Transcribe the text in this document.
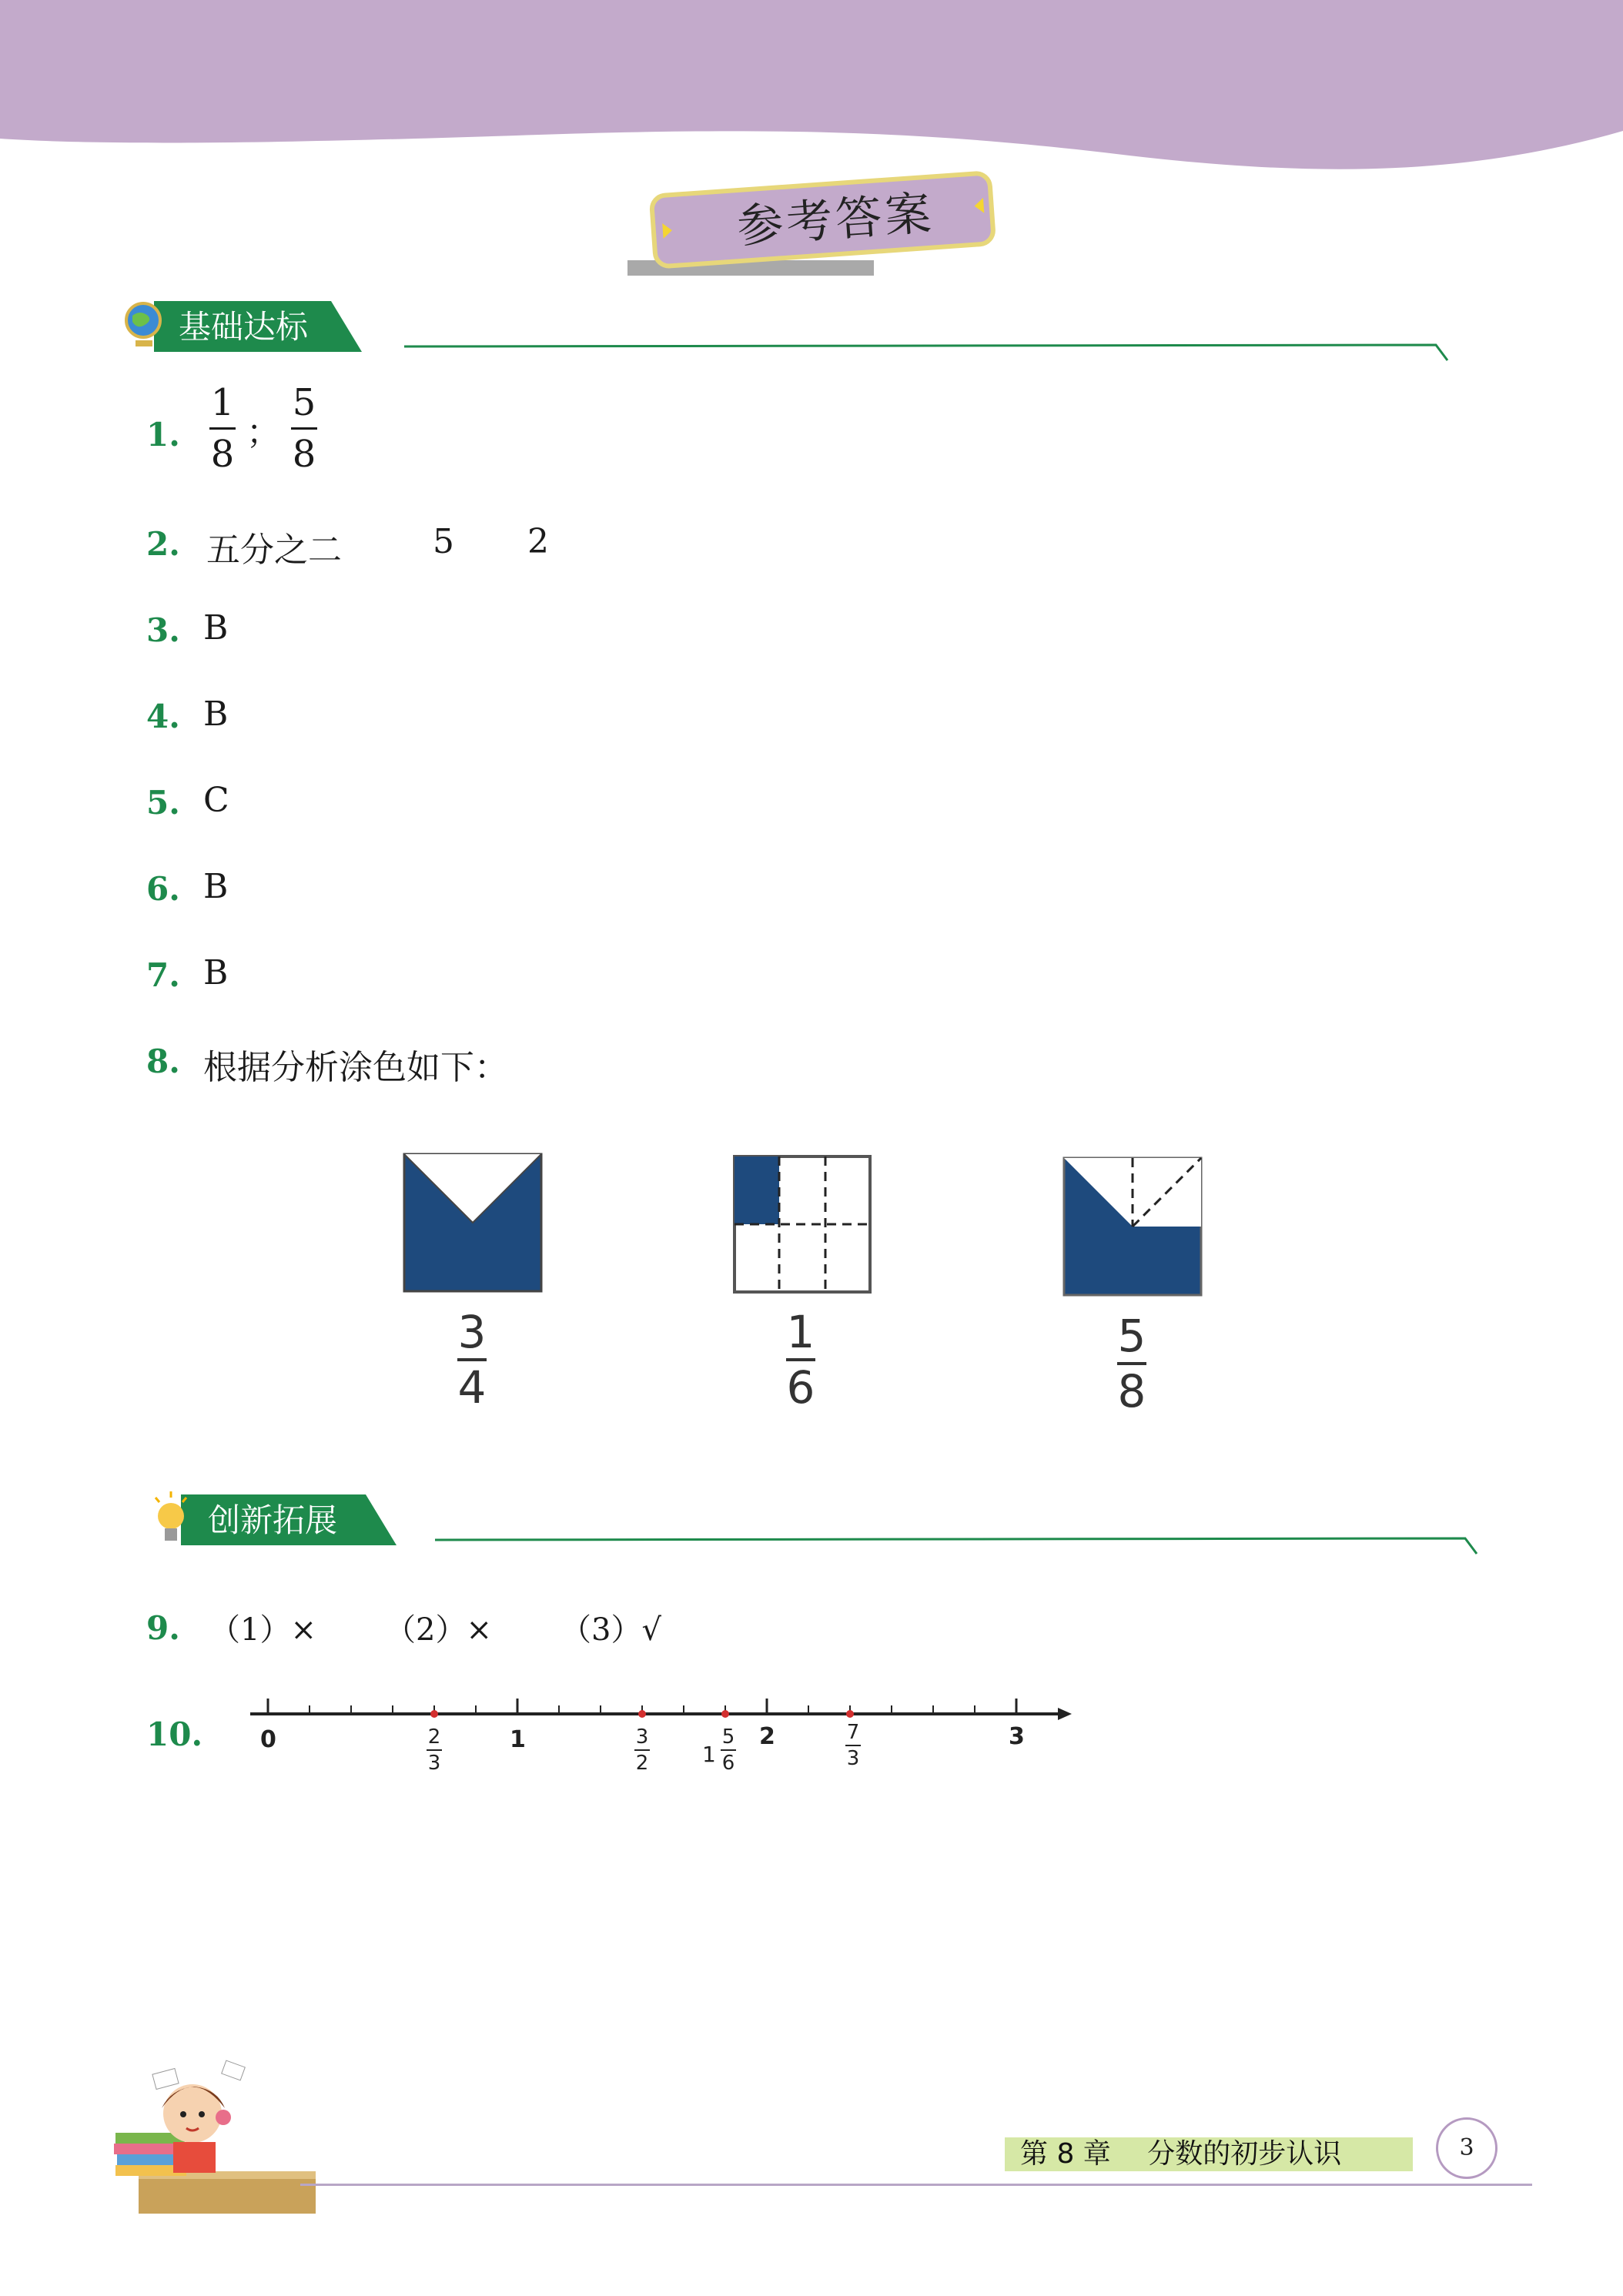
参考答案
基础达标
1. $\frac{1}{8}$ ； $\frac{5}{8}$
2. 五分之二	5 2
3. B
4. B
5. C
6. B
7. B
8. 根据分析涂色如下：
3
4
1
6
5
8
创新拓展
9. （1）× （2）× （3）√
10. 0	1	2	3
2
3
3
2 1
5
6
7
3
第 8 章　 分数的初步认识	3
